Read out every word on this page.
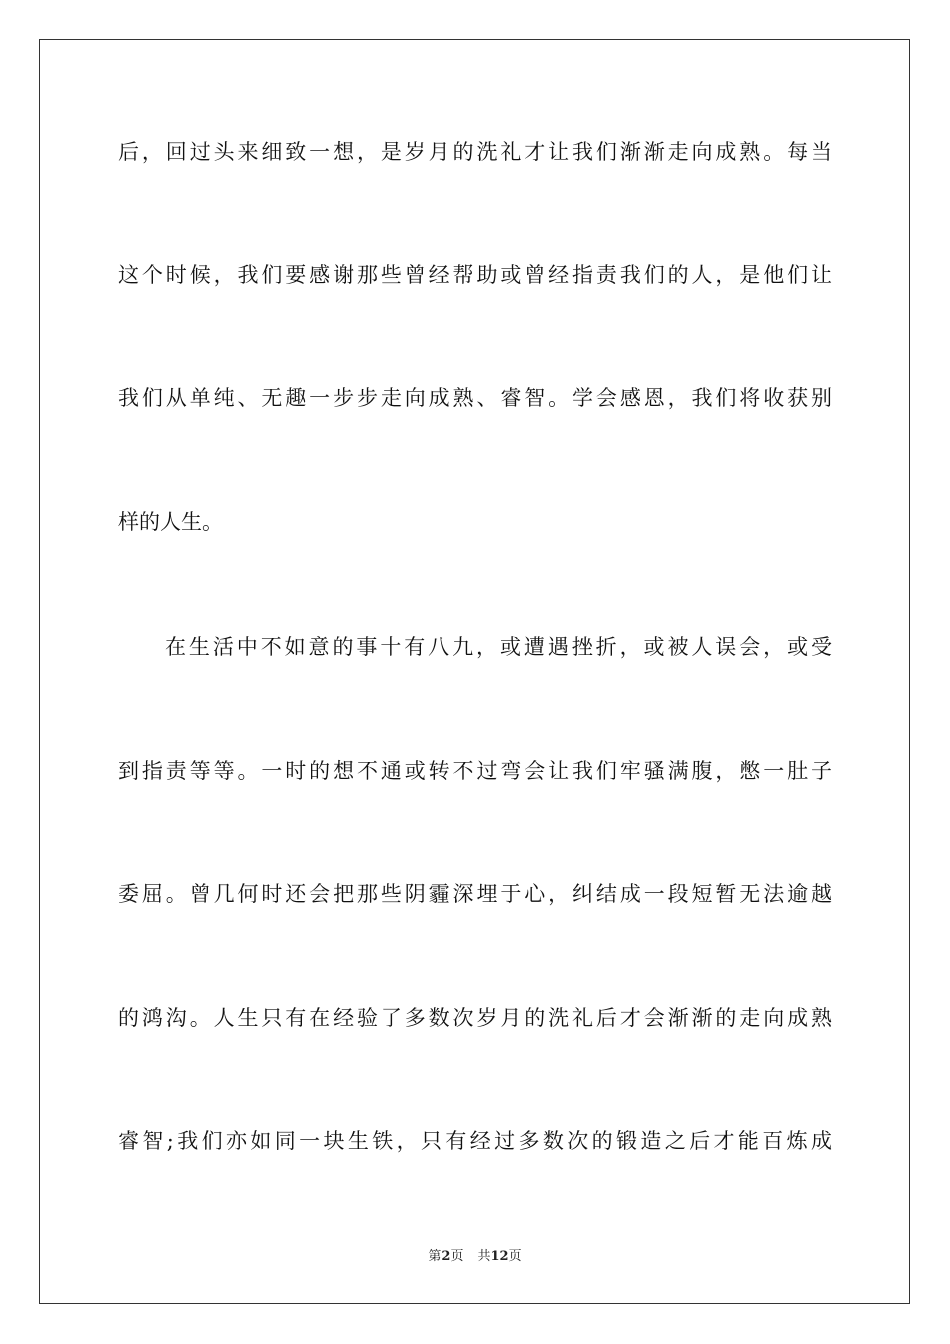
后，回过头来细致一想，是岁月的洗礼才让我们渐渐走向成熟。每当
这个时候，我们要感谢那些曾经帮助或曾经指责我们的人，是他们让
我们从单纯、无趣一步步走向成熟、睿智。学会感恩，我们将收获别
样的人生。
在生活中不如意的事十有八九，或遭遇挫折，或被人误会，或受
到指责等等。一时的想不通或转不过弯会让我们牢骚满腹，憋一肚子
委屈。曾几何时还会把那些阴霾深埋于心，纠结成一段短暂无法逾越
的鸿沟。人生只有在经验了多数次岁月的洗礼后才会渐渐的走向成熟
睿智;我们亦如同一块生铁，只有经过多数次的锻造之后才能百炼成
第2页 共12页
